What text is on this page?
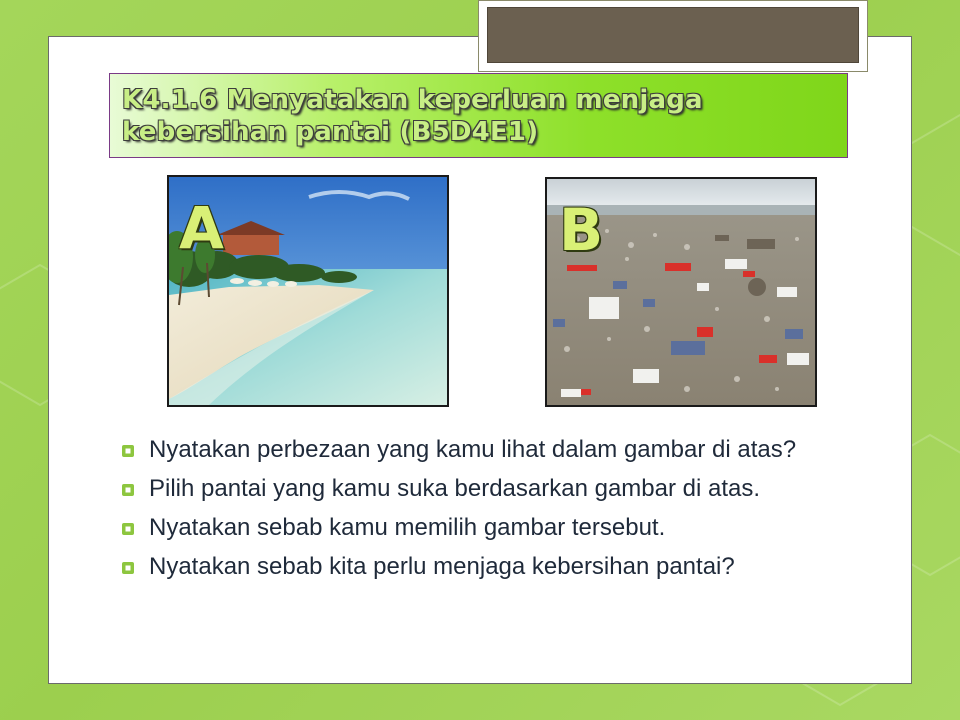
K4.1.6 Menyatakan keperluan menjaga kebersihan pantai (B5D4E1)
A	B
Nyatakan perbezaan yang kamu lihat dalam gambar di atas?
Pilih pantai yang kamu suka berdasarkan gambar di atas.
Nyatakan sebab kamu memilih gambar tersebut.
Nyatakan sebab kita perlu menjaga kebersihan pantai?
